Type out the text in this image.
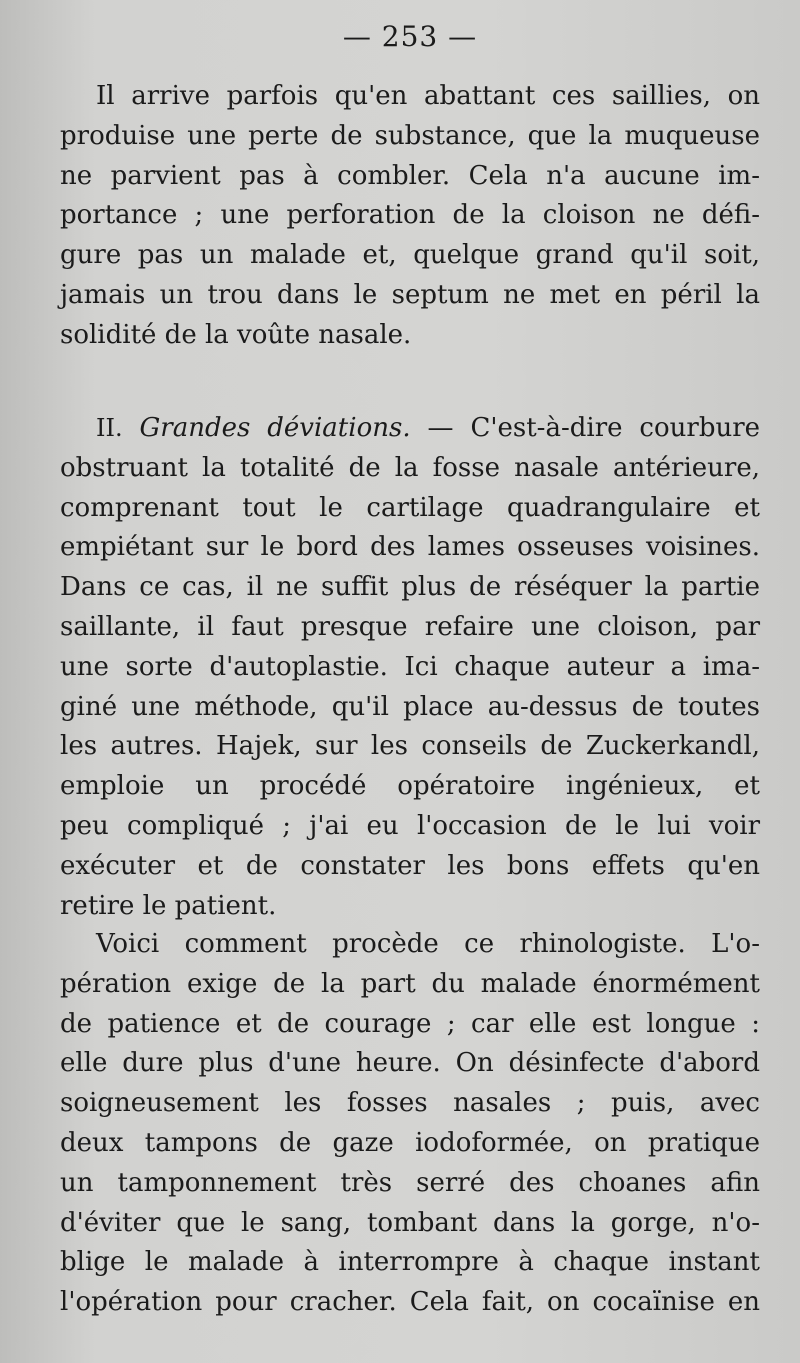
— 253 —
Il arrive parfois qu'en abattant ces saillies, on
produise une perte de substance, que la muqueuse
ne parvient pas à combler. Cela n'a aucune im-
portance ; une perforation de la cloison ne défi-
gure pas un malade et, quelque grand qu'il soit,
jamais un trou dans le septum ne met en péril la
solidité de la voûte nasale.
II. Grandes déviations. — C'est-à-dire courbure
obstruant la totalité de la fosse nasale antérieure,
comprenant tout le cartilage quadrangulaire et
empiétant sur le bord des lames osseuses voisines.
Dans ce cas, il ne suffit plus de réséquer la partie
saillante, il faut presque refaire une cloison, par
une sorte d'autoplastie. Ici chaque auteur a ima-
giné une méthode, qu'il place au-dessus de toutes
les autres. Hajek, sur les conseils de Zuckerkandl,
emploie un procédé opératoire ingénieux, et
peu compliqué ; j'ai eu l'occasion de le lui voir
exécuter et de constater les bons effets qu'en
retire le patient.
Voici comment procède ce rhinologiste. L'o-
pération exige de la part du malade énormément
de patience et de courage ; car elle est longue :
elle dure plus d'une heure. On désinfecte d'abord
soigneusement les fosses nasales ; puis, avec
deux tampons de gaze iodoformée, on pratique
un tamponnement très serré des choanes afin
d'éviter que le sang, tombant dans la gorge, n'o-
blige le malade à interrompre à chaque instant
l'opération pour cracher. Cela fait, on cocaïnise en
